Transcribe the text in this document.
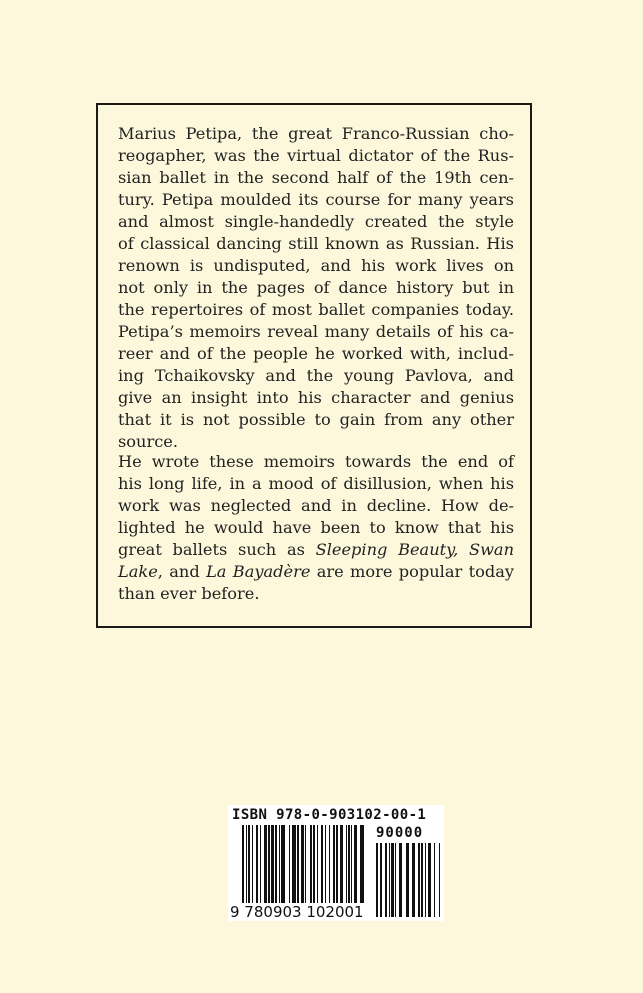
Marius Petipa, the great Franco-Russian cho-
reogapher, was the virtual dictator of the Rus-
sian ballet in the second half of the 19th cen-
tury. Petipa moulded its course for many years
and almost single-handedly created the style
of classical dancing still known as Russian. His
renown is undisputed, and his work lives on
not only in the pages of dance history but in
the repertoires of most ballet companies today.
Petipa’s memoirs reveal many details of his ca-
reer and of the people he worked with, includ-
ing Tchaikovsky and the young Pavlova, and
give an insight into his character and genius
that it is not possible to gain from any other
source.
He wrote these memoirs towards the end of
his long life, in a mood of disillusion, when his
work was neglected and in decline. How de-
lighted he would have been to know that his
great ballets such as Sleeping Beauty, Swan
Lake, and La Bayadère are more popular today
than ever before.
ISBN 978-0-903102-00-1
90000
9 780903 102001
